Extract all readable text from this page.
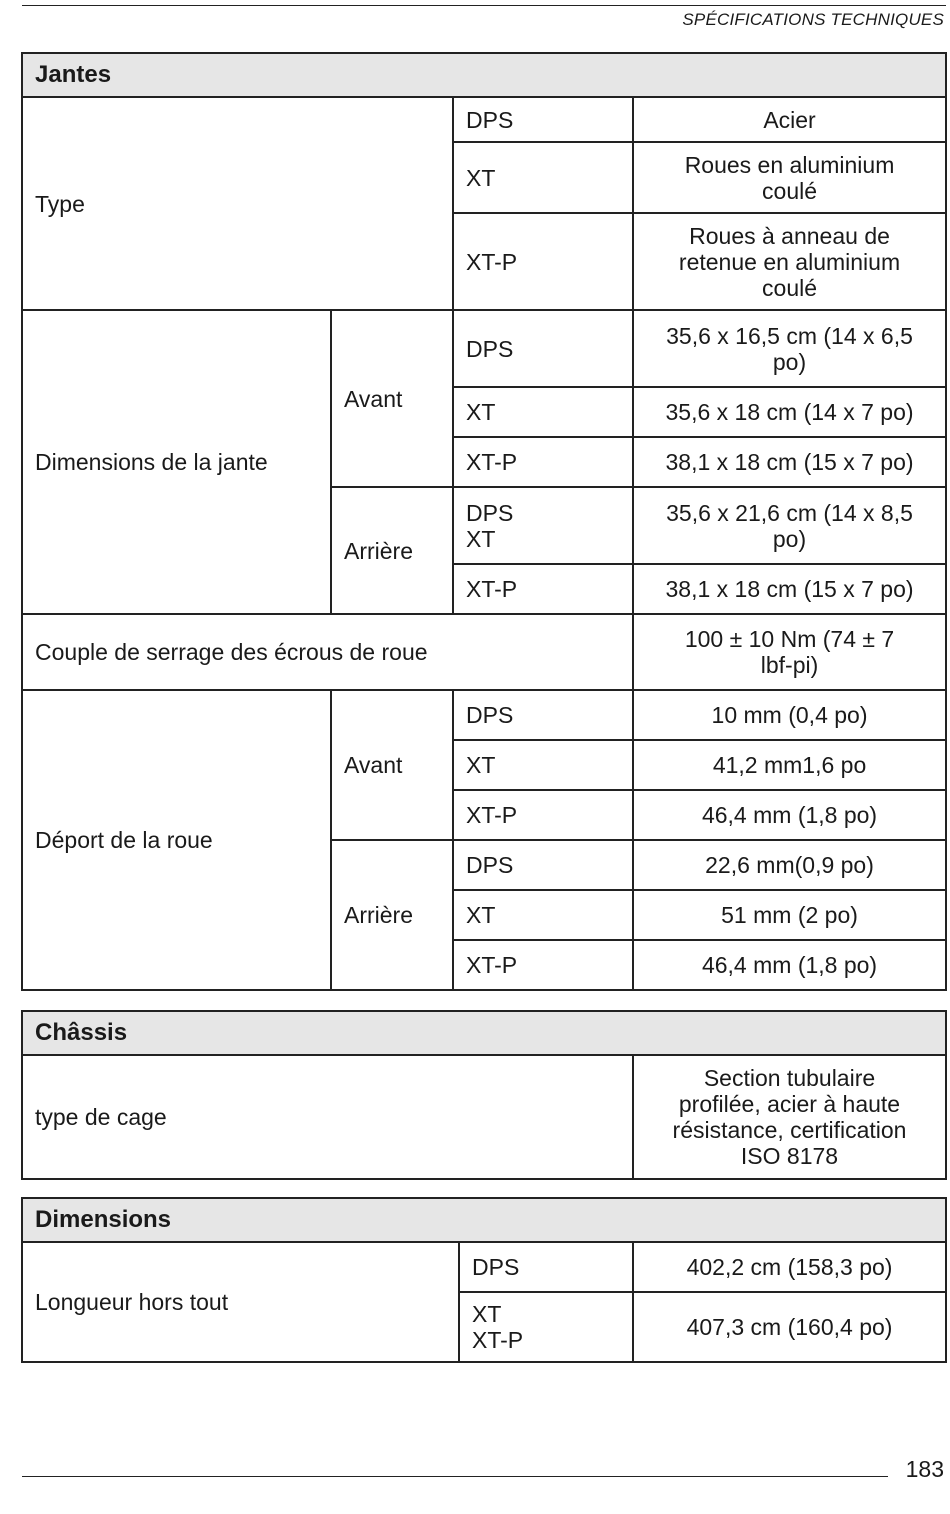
SPÉCIFICATIONS TECHNIQUES
Jantes			
Type		DPS	Acier
		XT	Roues en aluminium
coulé
		XT-P	Roues à anneau de
retenue en aluminium
coulé
Dimensions de la jante	Avant	DPS	35,6 x 16,5 cm (14 x 6,5
po)
		XT	35,6 x 18 cm (14 x 7 po)
		XT-P	38,1 x 18 cm (15 x 7 po)
	Arrière	DPS
XT	35,6 x 21,6 cm (14 x 8,5
po)
		XT-P	38,1 x 18 cm (15 x 7 po)
Couple de serrage des écrous de roue			100 ± 10 Nm (74 ± 7
lbf-pi)
Déport de la roue	Avant	DPS	10 mm (0,4 po)
		XT	41,2 mm1,6 po
		XT-P	46,4 mm (1,8 po)
	Arrière	DPS	22,6 mm(0,9 po)
		XT	51 mm (2 po)
		XT-P	46,4 mm (1,8 po)
Châssis
type de cage	Section tubulaire
profilée, acier à haute
résistance, certification
ISO 8178
Dimensions		
Longueur hors tout	DPS	402,2 cm (158,3 po)
	XT
XT-P	407,3 cm (160,4 po)
183
